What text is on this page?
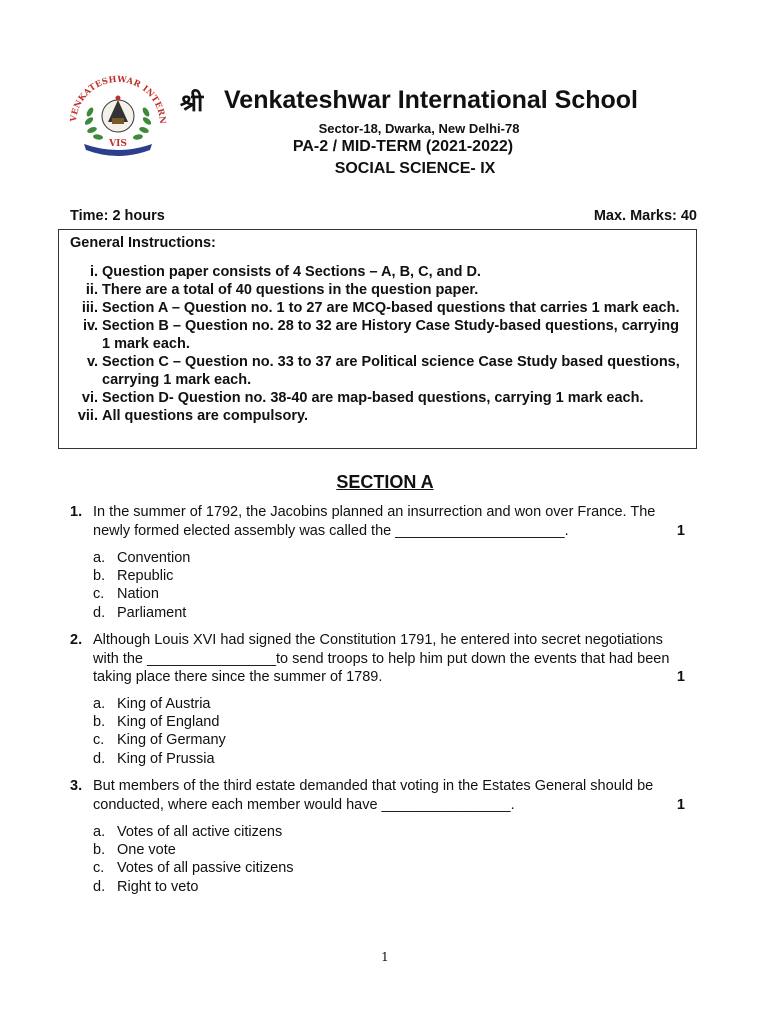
VENKATESHWAR INTERN
VIS
श्री Venkateshwar International School
Sector-18, Dwarka, New Delhi-78
PA-2 / MID-TERM (2021-2022)
SOCIAL SCIENCE- IX
Time: 2 hours	Max. Marks: 40
General Instructions:
i. Question paper consists of 4 Sections – A, B, C, and D.
ii. There are a total of 40 questions in the question paper.
iii. Section A – Question no. 1 to 27 are MCQ-based questions that carries 1 mark each.
iv. Section B – Question no. 28 to 32 are History Case Study-based questions, carrying 1 mark each.
v. Section C – Question no. 33 to 37 are Political science Case Study based questions, carrying 1 mark each.
vi. Section D- Question no. 38-40 are map-based questions, carrying 1 mark each.
vii. All questions are compulsory.
SECTION A
1. In the summer of 1792, the Jacobins planned an insurrection and won over France. The newly formed elected assembly was called the _____________________.	1
a. Convention
b. Republic
c. Nation
d. Parliament
2. Although Louis XVI had signed the Constitution 1791, he entered into secret negotiations with the ________________to send troops to help him put down the events that had been taking place there since the summer of 1789.	1
a. King of Austria
b. King of England
c. King of Germany
d. King of Prussia
3. But members of the third estate demanded that voting in the Estates General should be conducted, where each member would have ________________.	1
a. Votes of all active citizens
b. One vote
c. Votes of all passive citizens
d. Right to veto
1
